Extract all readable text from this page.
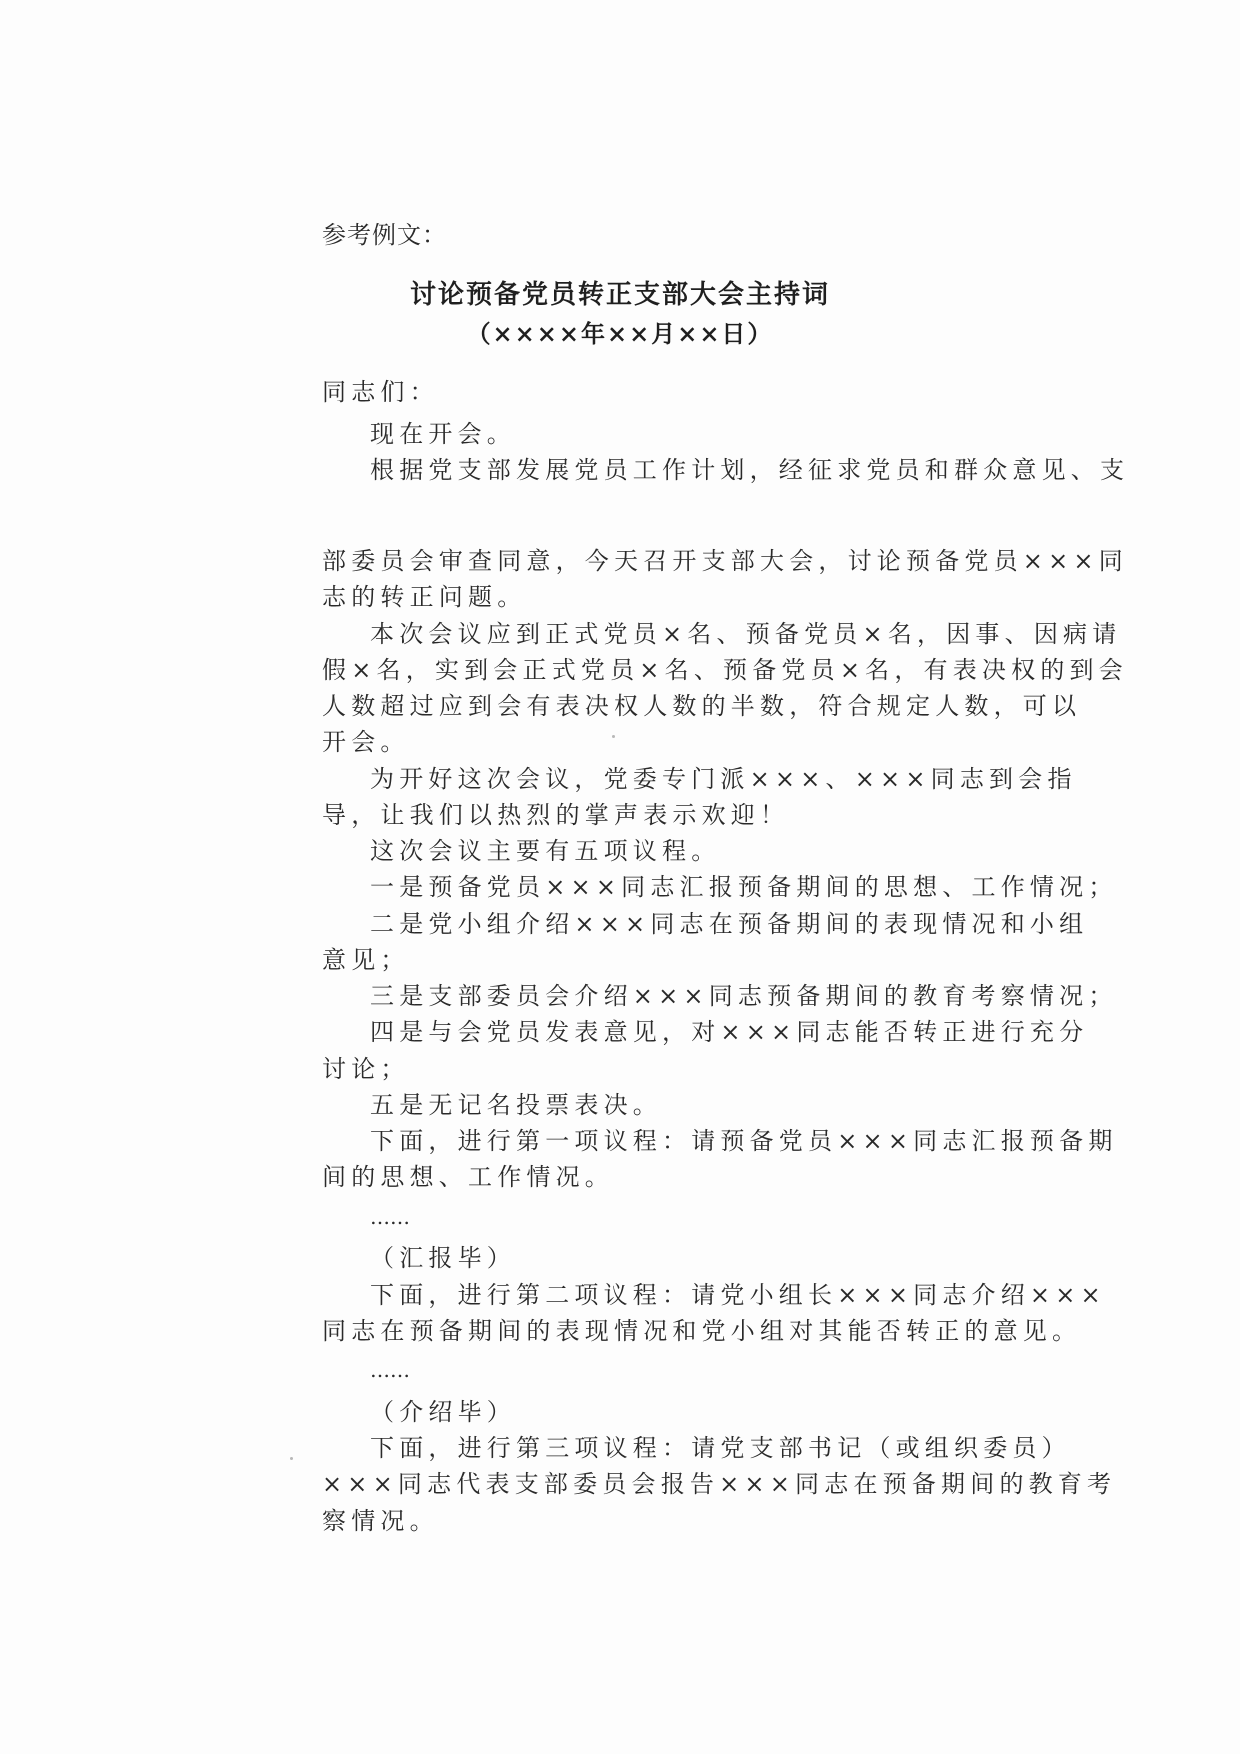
参考例文：
讨论预备党员转正支部大会主持词
（××××年××月××日）
同志们：
现在开会。
根据党支部发展党员工作计划，经征求党员和群众意见、支
部委员会审查同意，今天召开支部大会，讨论预备党员×××同
志的转正问题。
本次会议应到正式党员×名、预备党员×名，因事、因病请
假×名，实到会正式党员×名、预备党员×名，有表决权的到会
人数超过应到会有表决权人数的半数，符合规定人数，可以
开会。
为开好这次会议，党委专门派×××、×××同志到会指
导，让我们以热烈的掌声表示欢迎！
这次会议主要有五项议程。
一是预备党员×××同志汇报预备期间的思想、工作情况；
二是党小组介绍×××同志在预备期间的表现情况和小组
意见；
三是支部委员会介绍×××同志预备期间的教育考察情况；
四是与会党员发表意见，对×××同志能否转正进行充分
讨论；
五是无记名投票表决。
下面，进行第一项议程：请预备党员×××同志汇报预备期
间的思想、工作情况。
……
（汇报毕）
下面，进行第二项议程：请党小组长×××同志介绍×××
同志在预备期间的表现情况和党小组对其能否转正的意见。
……
（介绍毕）
下面，进行第三项议程：请党支部书记（或组织委员）
×××同志代表支部委员会报告×××同志在预备期间的教育考
察情况。
